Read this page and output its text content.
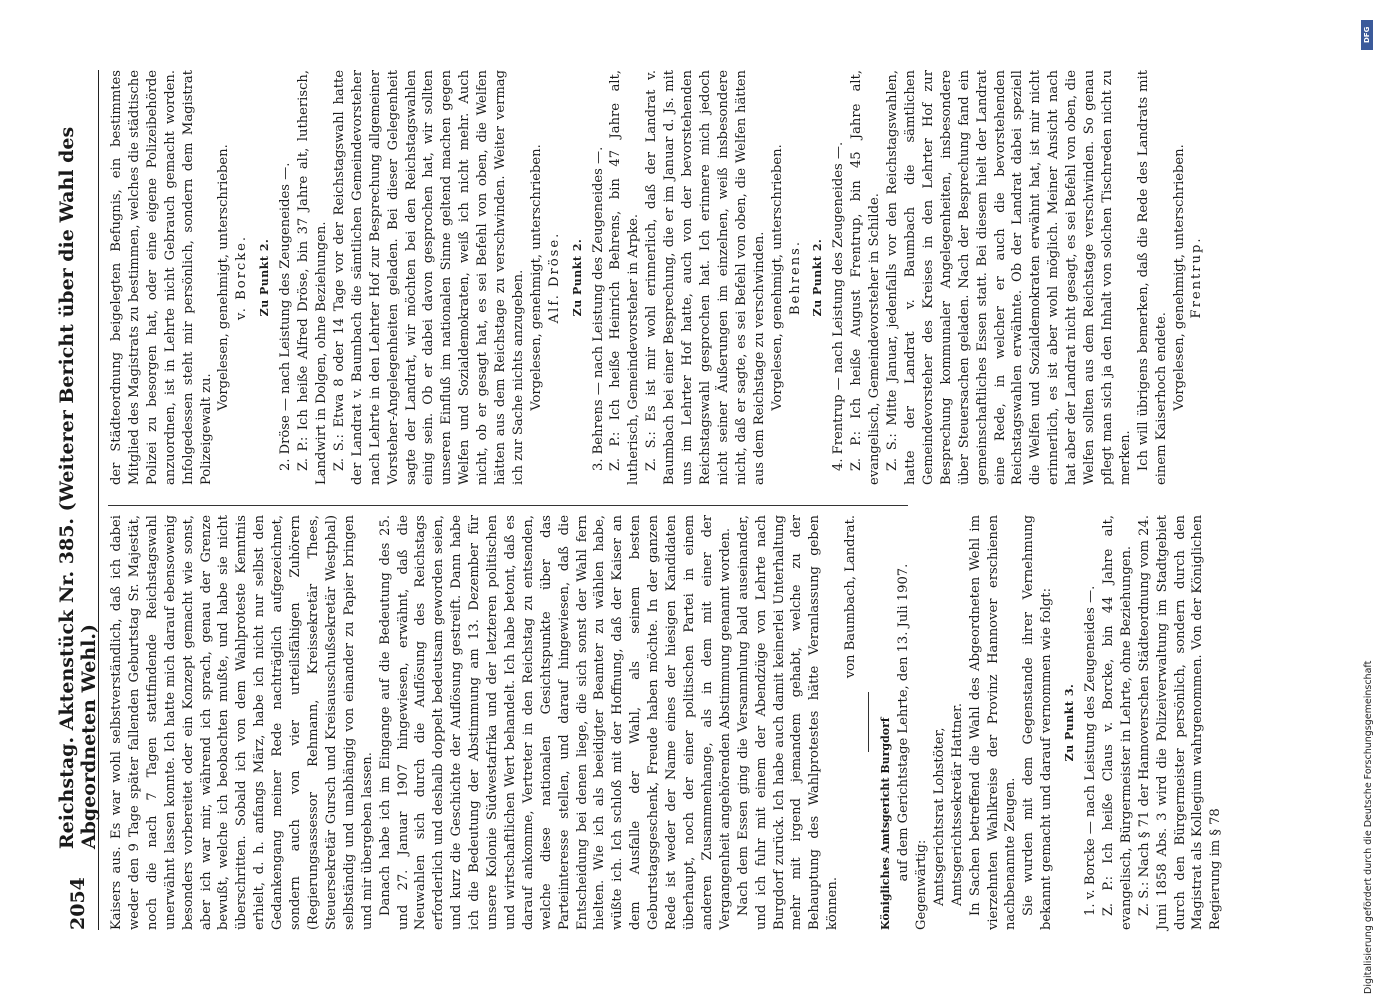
2054
Reichstag. Aktenstück Nr. 385. (Weiterer Bericht über die Wahl des Abgeordneten Wehl.) Kaisers aus. Es war wohl selbstverständlich, daß ich dabei weder den 9 Tage später fallenden Geburtstag Sr. Majestät, noch die nach 7 Tagen stattfindende Reichstagswahl unerwähnt lassen konnte. Ich hatte mich darauf ebensowenig besonders vorbereitet oder ein Konzept gemacht wie sonst, aber ich war mir, während ich sprach, genau der Grenze bewußt, welche ich beobachten mußte, und habe sie nicht überschritten. Sobald ich von dem Wahlproteste Kenntnis erhielt, d. h. anfangs März, habe ich nicht nur selbst den Gedankengang meiner Rede nachträglich aufgezeichnet, sondern auch von vier urteilsfähigen Zuhörern (Regierungsassessor Rehmann, Kreissekretär Thees, Steuersekretär Gursch und Kreisausschußsekretär Westphal) selbständig und unabhängig von einander zu Papier bringen und mir übergeben lassen. Danach habe ich im Eingange auf die Bedeutung des 25. und 27. Januar 1907 hingewiesen, erwähnt, daß die Neuwahlen sich durch die Auflösung des Reichstags erforderlich und deshalb doppelt bedeutsam geworden seien, und kurz die Geschichte der Auflösung gestreift. Dann habe ich die Bedeutung der Abstimmung am 13. Dezember für unsere Kolonie Südwestafrika und der letzteren politischen und wirtschaftlichen Wert behandelt. Ich habe betont, daß es darauf ankomme, Vertreter in den Reichstag zu entsenden, welche diese nationalen Gesichtspunkte über das Parteiinteresse stellen, und darauf hingewiesen, daß die Entscheidung bei denen liege, die sich sonst der Wahl fern hielten. Wie ich als beeidigter Beamter zu wählen habe, wüßte ich. Ich schloß mit der Hoffnung, daß der Kaiser an dem Ausfalle der Wahl, als seinem besten Geburtstagsgeschenk, Freude haben möchte. In der ganzen Rede ist weder der Name eines der hiesigen Kandidaten überhaupt, noch der einer politischen Partei in einem anderen Zusammenhange, als in dem mit einer der Vergangenheit angehörenden Abstimmung genannt worden. Nach dem Essen ging die Versammlung bald auseinander, und ich fuhr mit einem der Abendzüge von Lehrte nach Burgdorf zurück. Ich habe auch damit keinerlei Unterhaltung mehr mit irgend jemandem gehabt, welche zu der Behauptung des Wahlprotestes hätte Veranlassung geben können.

von Baumbach, Landrat.

Königliches Amtsgericht Burgdorf auf dem Gerichtstage Lehrte, den 13. Juli 1907.

Gegenwärtig: Amtsgerichtsrat Lohstöter, Amtsgerichtssekretär Hattner. In Sachen betreffend die Wahl des Abgeordneten Wehl im vierzehnten Wahlkreise der Provinz Hannover erschienen nachbenannte Zeugen. Sie wurden mit dem Gegenstande ihrer Vernehmung bekannt gemacht und darauf vernommen wie folgt: Zu Punkt 3. 1. v. Borcke — nach Leistung des Zeugeneides —. Z. P.: Ich heiße Claus v. Borcke, bin 44 Jahre alt, evangelisch, Bürgermeister in Lehrte, ohne Beziehungen. Z. S.: Nach § 71 der Hannoverschen Städteordnung vom 24. Juni 1858 Abs. 3 wird die Polizeiverwaltung im Stadtgebiet durch den Bürgermeister persönlich, sondern durch den Magistrat als Kollegium wahrgenommen. Von der Königlichen Regierung im § 78

der Städteordnung beigelegten Befugnis, ein bestimmtes Mitglied des Magistrats zu bestimmen, welches die städtische Polizei zu besorgen hat, oder eine eigene Polizeibehörde anzuordnen, ist in Lehrte nicht Gebrauch gemacht worden. Infolgedessen steht mir persönlich, sondern dem Magistrat Polizeigewalt zu.

Vorgelesen, genehmigt, unterschrieben. v. Borcke. Zu Punkt 2. 2. Dröse — nach Leistung des Zeugeneides —. Z. P.: Ich heiße Alfred Dröse, bin 37 Jahre alt, lutherisch, Landwirt in Dolgen, ohne Beziehungen. Z. S.: Etwa 8 oder 14 Tage vor der Reichstagswahl hatte der Landrat v. Baumbach die sämtlichen Gemeindevorsteher nach Lehrte in den Lehrter Hof zur Besprechung allgemeiner Vorsteher-Angelegenheiten geladen. Bei dieser Gelegenheit sagte der Landrat, wir möchten bei den Reichstagswahlen einig sein. Ob er dabei davon gesprochen hat, wir sollten unseren Einfluß im nationalen Sinne geltend machen gegen Welfen und Sozialdemokraten, weiß ich nicht mehr. Auch nicht, ob er gesagt hat, es sei Befehl von oben, die Welfen hätten aus dem Reichstage zu verschwinden. Weiter vermag ich zur Sache nichts anzugeben. Vorgelesen, genehmigt, unterschrieben. Alf. Dröse. Zu Punkt 2. 3. Behrens — nach Leistung des Zeugeneides —. Z. P.: Ich heiße Heinrich Behrens, bin 47 Jahre alt, lutherisch, Gemeindevorsteher in Arpke. Z. S.: Es ist mir wohl erinnerlich, daß der Landrat v. Baumbach bei einer Besprechung, die er im Januar d. Js. mit uns im Lehrter Hof hatte, auch von der bevorstehenden Reichstagswahl gesprochen hat. Ich erinnere mich jedoch nicht seiner Äußerungen im einzelnen, weiß insbesondere nicht, daß er sagte, es sei Befehl von oben, die Welfen hätten aus dem Reichstage zu verschwinden. Vorgelesen, genehmigt, unterschrieben. Behrens. Zu Punkt 2. 4. Frentrup — nach Leistung des Zeugeneides —. Z. P.: Ich heiße August Frentrup, bin 45 Jahre alt, evangelisch, Gemeindevorsteher in Schilde. Z. S.: Mitte Januar, jedenfalls vor den Reichstagswahlen, hatte der Landrat v. Baumbach die sämtlichen Gemeindevorsteher des Kreises in den Lehrter Hof zur Besprechung kommunaler Angelegenheiten, insbesondere über Steuersachen geladen. Nach der Besprechung fand ein gemeinschaftliches Essen statt. Bei diesem hielt der Landrat eine Rede, in welcher er auch die bevorstehenden Reichstagswahlen erwähnte. Ob der Landrat dabei speziell die Welfen und Sozialdemokraten erwähnt hat, ist mir nicht erinnerlich, es ist aber wohl möglich. Meiner Ansicht nach hat aber der Landrat nicht gesagt, es sei Befehl von oben, die Welfen sollten aus dem Reichstage verschwinden. So genau pflegt man sich ja den Inhalt von solchen Tischreden nicht zu merken. Ich will übrigens bemerken, daß die Rede des Landrats mit einem Kaiserhoch endete. Vorgelesen, genehmigt, unterschrieben. Frentrup.

DFG
Digitalisierung gefördert durch die Deutsche Forschungsgemeinschaft
